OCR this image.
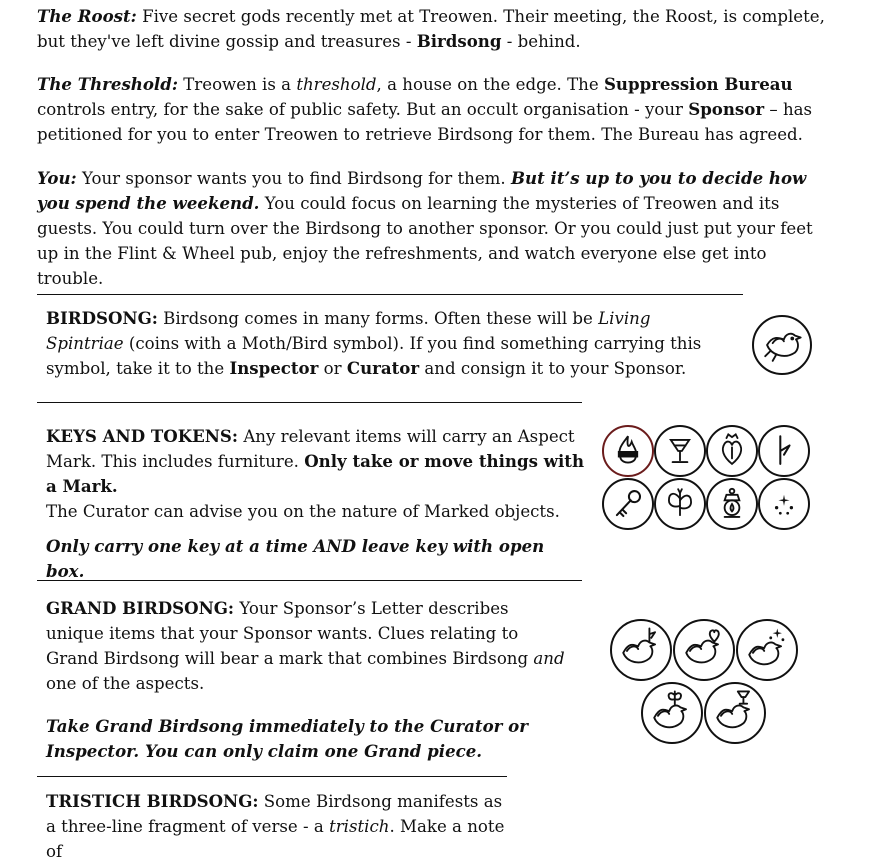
The Roost: Five secret gods recently met at Treowen. Their meeting, the Roost, is complete, but they've left divine gossip and treasures - Birdsong - behind.

The Threshold: Treowen is a threshold, a house on the edge. The Suppression Bureau controls entry, for the sake of public safety. But an occult organisation - your Sponsor – has petitioned for you to enter Treowen to retrieve Birdsong for them. The Bureau has agreed.

You: Your sponsor wants you to find Birdsong for them. But it’s up to you to decide how you spend the weekend. You could focus on learning the mysteries of Treowen and its guests. You could turn over the Birdsong to another sponsor. Or you could just put your feet up in the Flint & Wheel pub, enjoy the refreshments, and watch everyone else get into trouble.

BIRDSONG: Birdsong comes in many forms. Often these will be Living Spintriae (coins with a Moth/Bird symbol). If you find something carrying this symbol, take it to the Inspector or Curator and consign it to your Sponsor.

KEYS AND TOKENS: Any relevant items will carry an Aspect Mark. This includes furniture. Only take or move things with a Mark.

The Curator can advise you on the nature of Marked objects.

Only carry one key at a time AND leave key with open box.

GRAND BIRDSONG: Your Sponsor’s Letter describes unique items that your Sponsor wants. Clues relating to Grand Birdsong will bear a mark that combines Birdsong and one of the aspects.

Take Grand Birdsong immediately to the Curator or Inspector. You can only claim one Grand piece.

TRISTICH BIRDSONG: Some Birdsong manifests as a three-line fragment of verse - a tristich. Make a note of
